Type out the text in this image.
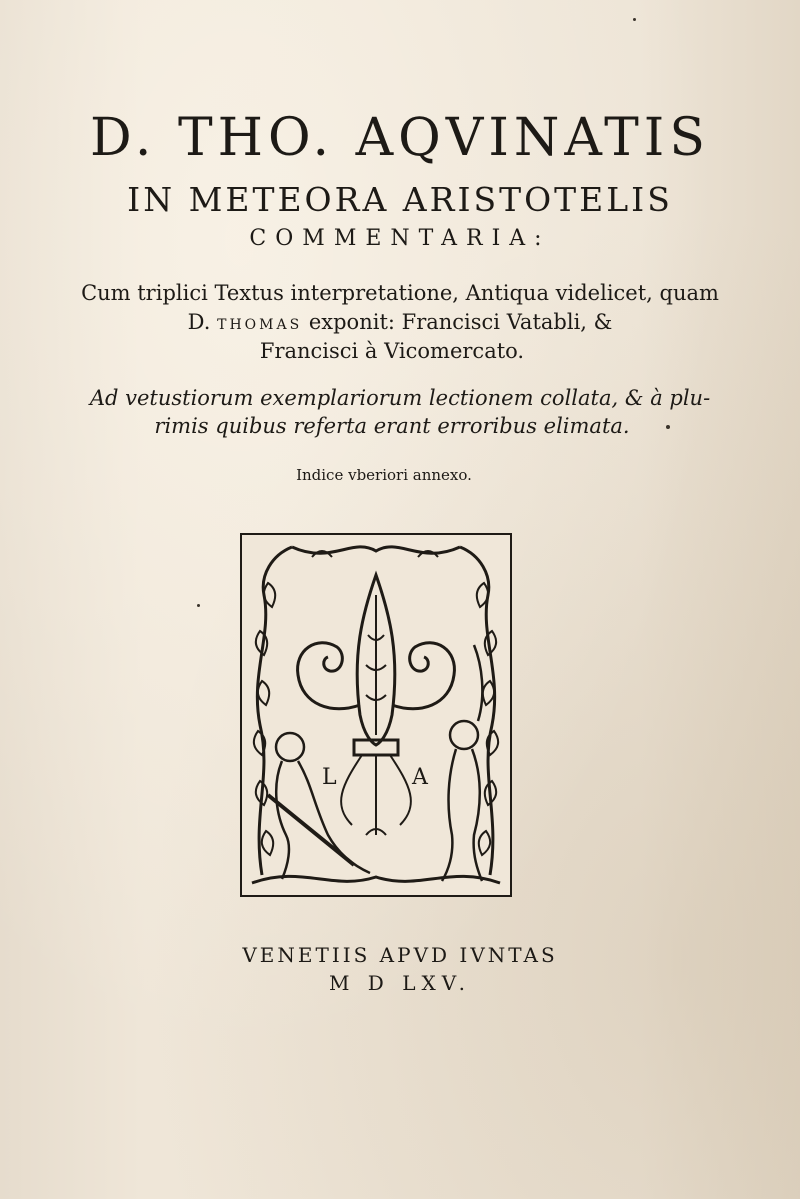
D. THO. AQVINATIS
IN METEORA ARISTOTELIS
COMMENTARIA:
Cum triplici Textus interpretatione, Antiqua videlicet, quam
D. THOMAS exponit: Francisci Vatabli, &
Francisci à Vicomercato.
Ad vetustiorum exemplariorum lectionem collata, & à plu-
rimis quibus referta erant erroribus elimata.
Indice vberiori annexo.
L	A
VENETIIS APVD IVNTAS
M D LXV.
